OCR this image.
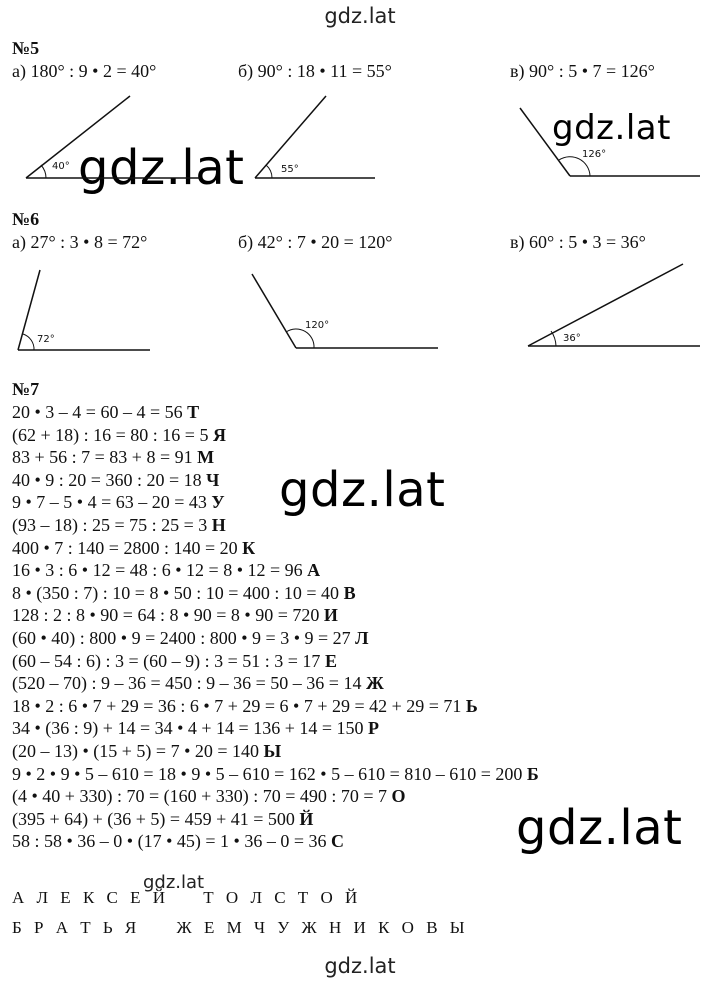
gdz.lat
gdz.lat
gdz.lat
gdz.lat
gdz.lat
gdz.lat
gdz.lat
№5
а) 180° : 9 • 2 = 40°	б) 90° : 18 • 11 = 55°	в) 90° : 5 • 7 = 126°
40°	55°
126°
72°
120°
36°
№6
а) 27° : 3 • 8 = 72°	б) 42° : 7 • 20 = 120°	в) 60° : 5 • 3 = 36°
№7
20 • 3 – 4 = 60 – 4 = 56 Т
(62 + 18) : 16 = 80 : 16 = 5 Я
83 + 56 : 7 = 83 + 8 = 91 М
40 • 9 : 20 = 360 : 20 = 18 Ч
9 • 7 – 5 • 4 = 63 – 20 = 43 У
(93 – 18) : 25 = 75 : 25 = 3 Н
400 • 7 : 140 = 2800 : 140 = 20 К
16 • 3 : 6 • 12 = 48 : 6 • 12 = 8 • 12 = 96 А
8 • (350 : 7) : 10 = 8 • 50 : 10 = 400 : 10 = 40 В
128 : 2 : 8 • 90 = 64 : 8 • 90 = 8 • 90 = 720 И
(60 • 40) : 800 • 9 = 2400 : 800 • 9 = 3 • 9 = 27 Л
(60 – 54 : 6) : 3 = (60 – 9) : 3 = 51 : 3 = 17 Е
(520 – 70) : 9 – 36 = 450 : 9 – 36 = 50 – 36 = 14 Ж
18 • 2 : 6 • 7 + 29 = 36 : 6 • 7 + 29 = 6 • 7 + 29 = 42 + 29 = 71 Ь
34 • (36 : 9) + 14 = 34 • 4 + 14 = 136 + 14 = 150 Р
(20 – 13) • (15 + 5) = 7 • 20 = 140 Ы
9 • 2 • 9 • 5 – 610 = 18 • 9 • 5 – 610 = 162 • 5 – 610 = 810 – 610 = 200 Б
(4 • 40 + 330) : 70 = (160 + 330) : 70 = 490 : 70 = 7 О
(395 + 64) + (36 + 5) = 459 + 41 = 500 Й
58 : 58 • 36 – 0 • (17 • 45) = 1 • 36 – 0 = 36 С
А Л Е К С Е Й Т О Л С Т О Й
Б Р А Т Ь Я Ж Е М Ч У Ж Н И К О В Ы
